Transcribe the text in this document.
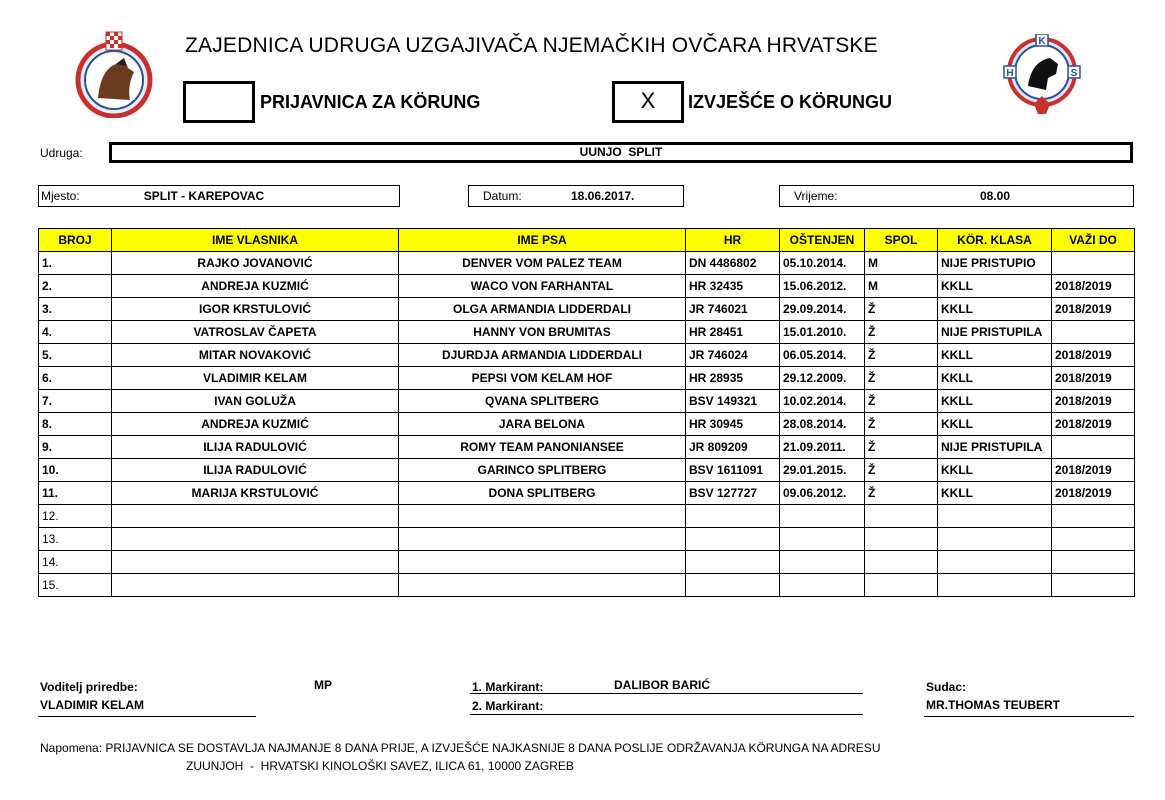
ZAJEDNICA UDRUGA UZGAJIVAČA NJEMAČKIH OVČARA HRVATSKE
PRIJAVNICA ZA KÖRUNG	X	IZVJEŠĆE O KÖRUNGU
K
H	S
Udruga:	UUNJO  SPLIT
Mjesto:	SPLIT - KAREPOVAC	Datum:	18.06.2017.	Vrijeme:	08.00
BROJ	IME VLASNIKA	IME PSA	HR	OŠTENJEN	SPOL	KÖR. KLASA	VAŽI DO
1.	RAJKO JOVANOVIĆ	DENVER VOM PALEZ TEAM	DN 4486802	05.10.2014.	M	NIJE PRISTUPIO	
2.	ANDREJA KUZMIĆ	WACO VON FARHANTAL	HR 32435	15.06.2012.	M	KKLL	2018/2019
3.	IGOR KRSTULOVIĆ	OLGA ARMANDIA LIDDERDALI	JR 746021	29.09.2014.	Ž	KKLL	2018/2019
4.	VATROSLAV ČAPETA	HANNY VON BRUMITAS	HR 28451	15.01.2010.	Ž	NIJE PRISTUPILA	
5.	MITAR NOVAKOVIĆ	DJURDJA ARMANDIA LIDDERDALI	JR 746024	06.05.2014.	Ž	KKLL	2018/2019
6.	VLADIMIR KELAM	PEPSI VOM KELAM HOF	HR 28935	29.12.2009.	Ž	KKLL	2018/2019
7.	IVAN GOLUŽA	QVANA SPLITBERG	BSV 149321	10.02.2014.	Ž	KKLL	2018/2019
8.	ANDREJA KUZMIĆ	JARA BELONA	HR 30945	28.08.2014.	Ž	KKLL	2018/2019
9.	ILIJA RADULOVIĆ	ROMY TEAM PANONIANSEE	JR 809209	21.09.2011.	Ž	NIJE PRISTUPILA	
10.	ILIJA RADULOVIĆ	GARINCO SPLITBERG	BSV 1611091	29.01.2015.	Ž	KKLL	2018/2019
11.	MARIJA KRSTULOVIĆ	DONA SPLITBERG	BSV 127727	09.06.2012.	Ž	KKLL	2018/2019
12.							
13.							
14.							
15.							
Voditelj priredbe:
VLADIMIR KELAM
MP	1. Markirant:	DALIBOR BARIĆ
2. Markirant:
Sudac:
MR.THOMAS TEUBERT
Napomena: PRIJAVNICA SE DOSTAVLJA NAJMANJE 8 DANA PRIJE, A IZVJEŠĆE NAJKASNIJE 8 DANA POSLIJE ODRŽAVANJA KÖRUNGA NA ADRESU
ZUUNJOH  -  HRVATSKI KINOLOŠKI SAVEZ, ILICA 61, 10000 ZAGREB
